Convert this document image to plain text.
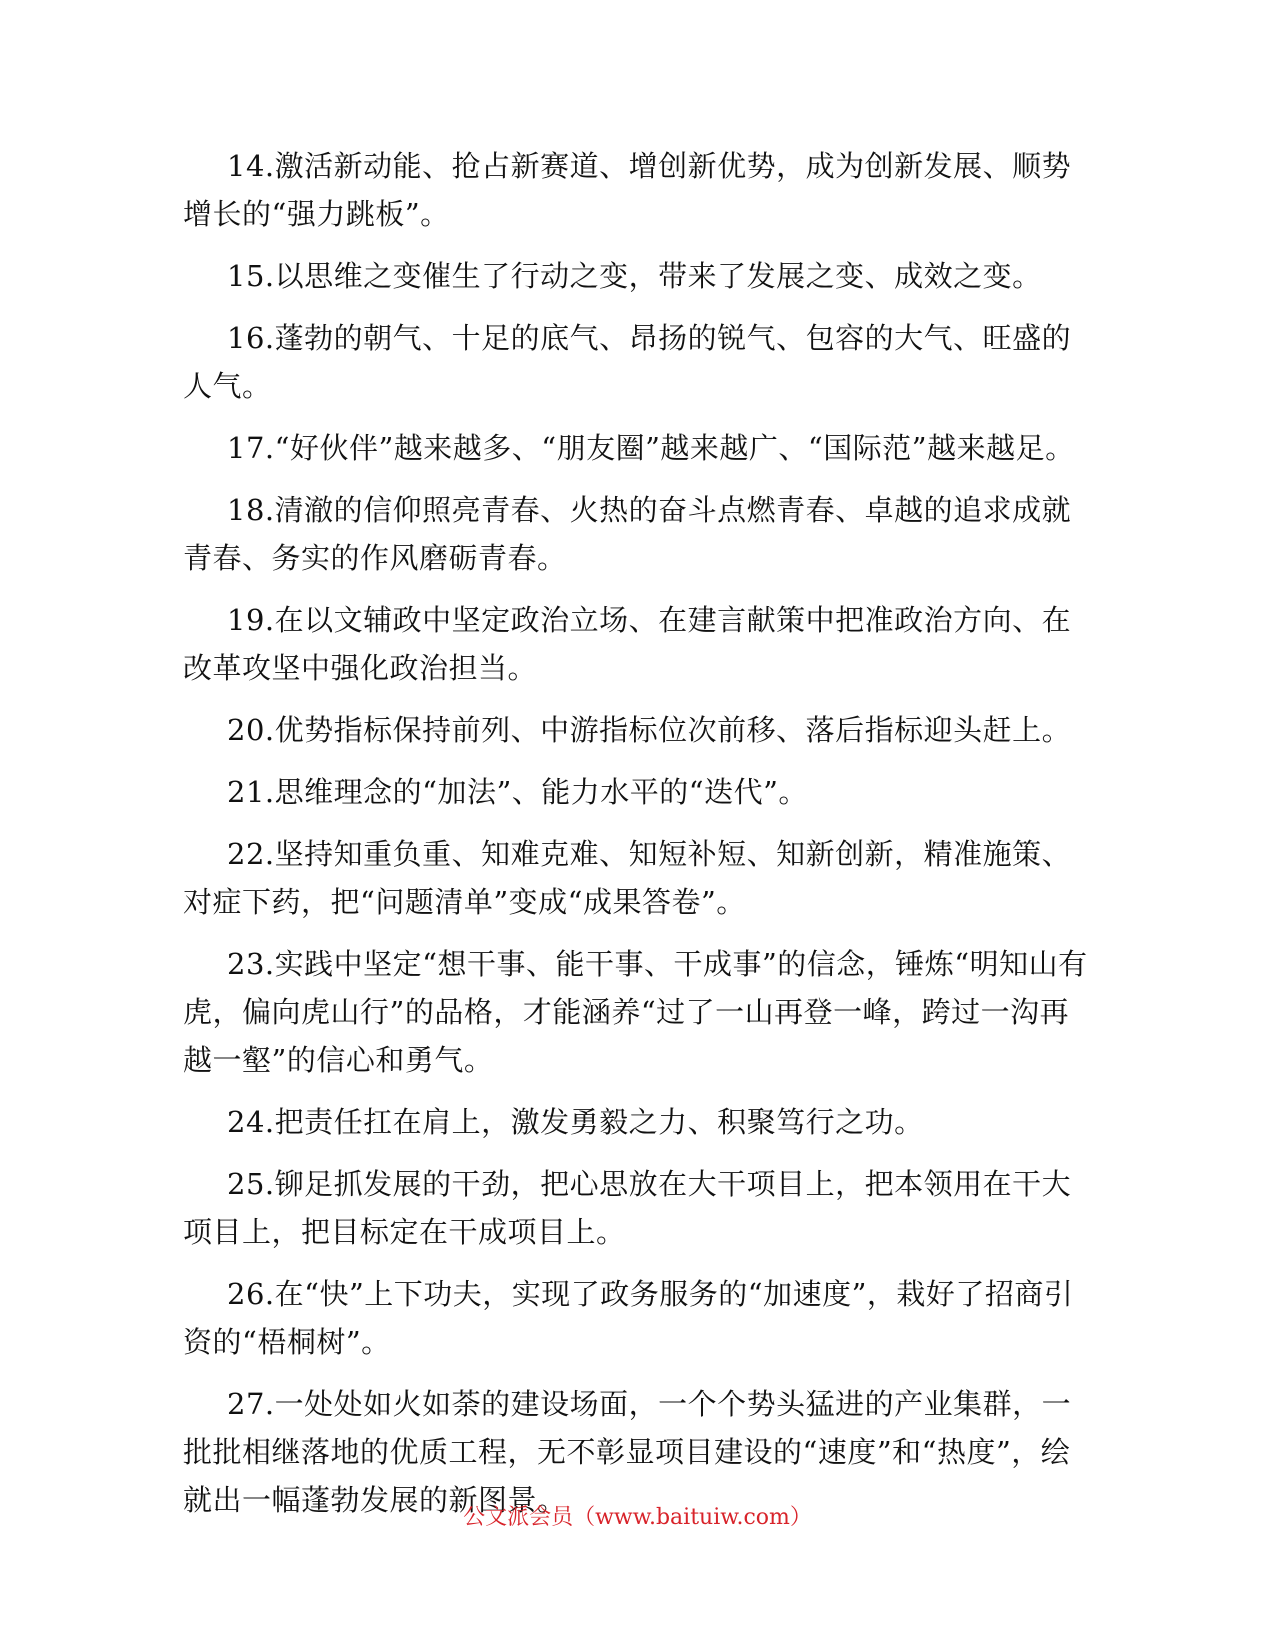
14.激活新动能、抢占新赛道、增创新优势，成为创新发展、顺势增长的“强力跳板”。

15.以思维之变催生了行动之变，带来了发展之变、成效之变。

16.蓬勃的朝气、十足的底气、昂扬的锐气、包容的大气、旺盛的人气。

17.“好伙伴”越来越多、“朋友圈”越来越广、“国际范”越来越足。

18.清澈的信仰照亮青春、火热的奋斗点燃青春、卓越的追求成就青春、务实的作风磨砺青春。

19.在以文辅政中坚定政治立场、在建言献策中把准政治方向、在改革攻坚中强化政治担当。

20.优势指标保持前列、中游指标位次前移、落后指标迎头赶上。

21.思维理念的“加法”、能力水平的“迭代”。

22.坚持知重负重、知难克难、知短补短、知新创新，精准施策、对症下药，把“问题清单”变成“成果答卷”。

23.实践中坚定“想干事、能干事、干成事”的信念，锤炼“明知山有虎，偏向虎山行”的品格，才能涵养“过了一山再登一峰，跨过一沟再越一壑”的信心和勇气。

24.把责任扛在肩上，激发勇毅之力、积聚笃行之功。

25.铆足抓发展的干劲，把心思放在大干项目上，把本领用在干大项目上，把目标定在干成项目上。

26.在“快”上下功夫，实现了政务服务的“加速度”，栽好了招商引资的“梧桐树”。

27.一处处如火如荼的建设场面，一个个势头猛进的产业集群，一批批相继落地的优质工程，无不彰显项目建设的“速度”和“热度”，绘就出一幅蓬勃发展的新图景。

公文派会员（www.baituiw.com）
